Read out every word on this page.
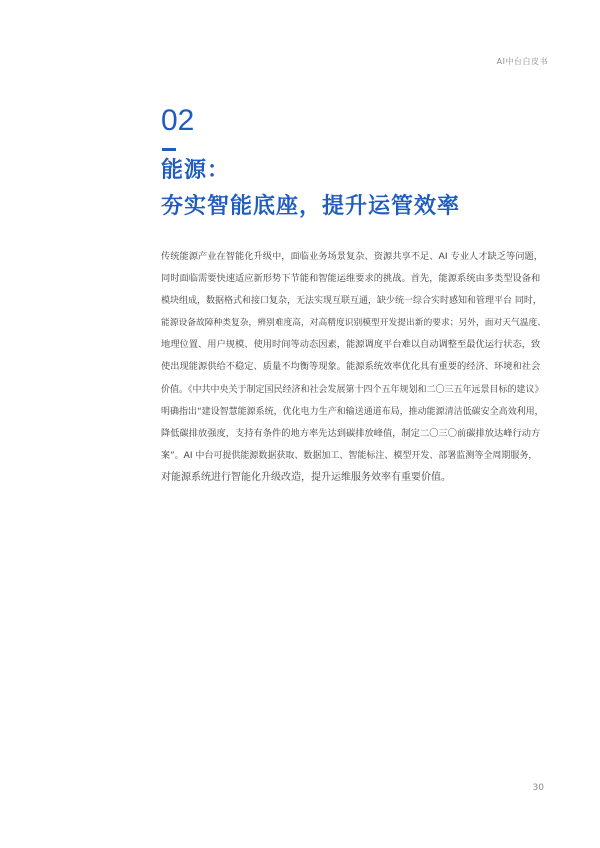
AI中台白皮书
02
能源：
夯实智能底座，提升运管效率
传统能源产业在智能化升级中，面临业务场景复杂、资源共享不足、AI 专业人才缺乏等问题，
同时面临需要快速适应新形势下节能和智能运维要求的挑战。首先，能源系统由多类型设备和
模块组成，数据格式和接口复杂，无法实现互联互通，缺少统一综合实时感知和管理平台 同时，
能源设备故障种类复杂，辨别难度高，对高精度识别模型开发提出新的要求；另外，面对天气温度、
地理位置、用户规模、使用时间等动态因素，能源调度平台难以自动调整至最优运行状态，致
使出现能源供给不稳定、质量不均衡等现象。能源系统效率优化具有重要的经济、环境和社会
价值。《中共中央关于制定国民经济和社会发展第十四个五年规划和二〇三五年远景目标的建议》
明确指出“建设智慧能源系统，优化电力生产和输送通道布局，推动能源清洁低碳安全高效利用，
降低碳排放强度，支持有条件的地方率先达到碳排放峰值，制定二〇三〇前碳排放达峰行动方
案”。AI 中台可提供能源数据获取、数据加工、智能标注、模型开发、部署监测等全周期服务，
对能源系统进行智能化升级改造，提升运维服务效率有重要价值。
30
